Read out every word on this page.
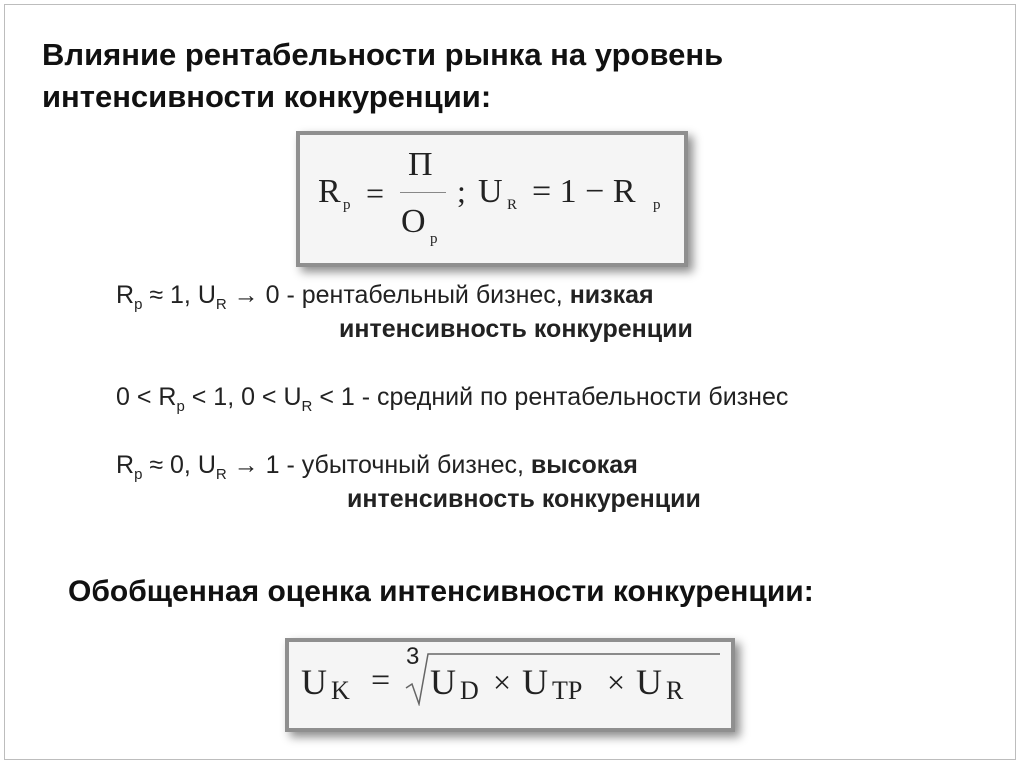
Влияние рентабельности рынка на уровень
интенсивности конкуренции:
R p =
П
O p
; U R = 1 − R p
$R_p \approx 1$, $U_R \to 0$ - рентабельный бизнес, низкая
интенсивность конкуренции
$0 < R_p < 1$, $0 < U_R < 1$ - средний по рентабельности бизнес
$R_p \approx 0$, $U_R \to 1$ - убыточный бизнес, высокая
интенсивность конкуренции
Обобщенная оценка интенсивности конкуренции:
U K =
3
U D × U TP × U R
